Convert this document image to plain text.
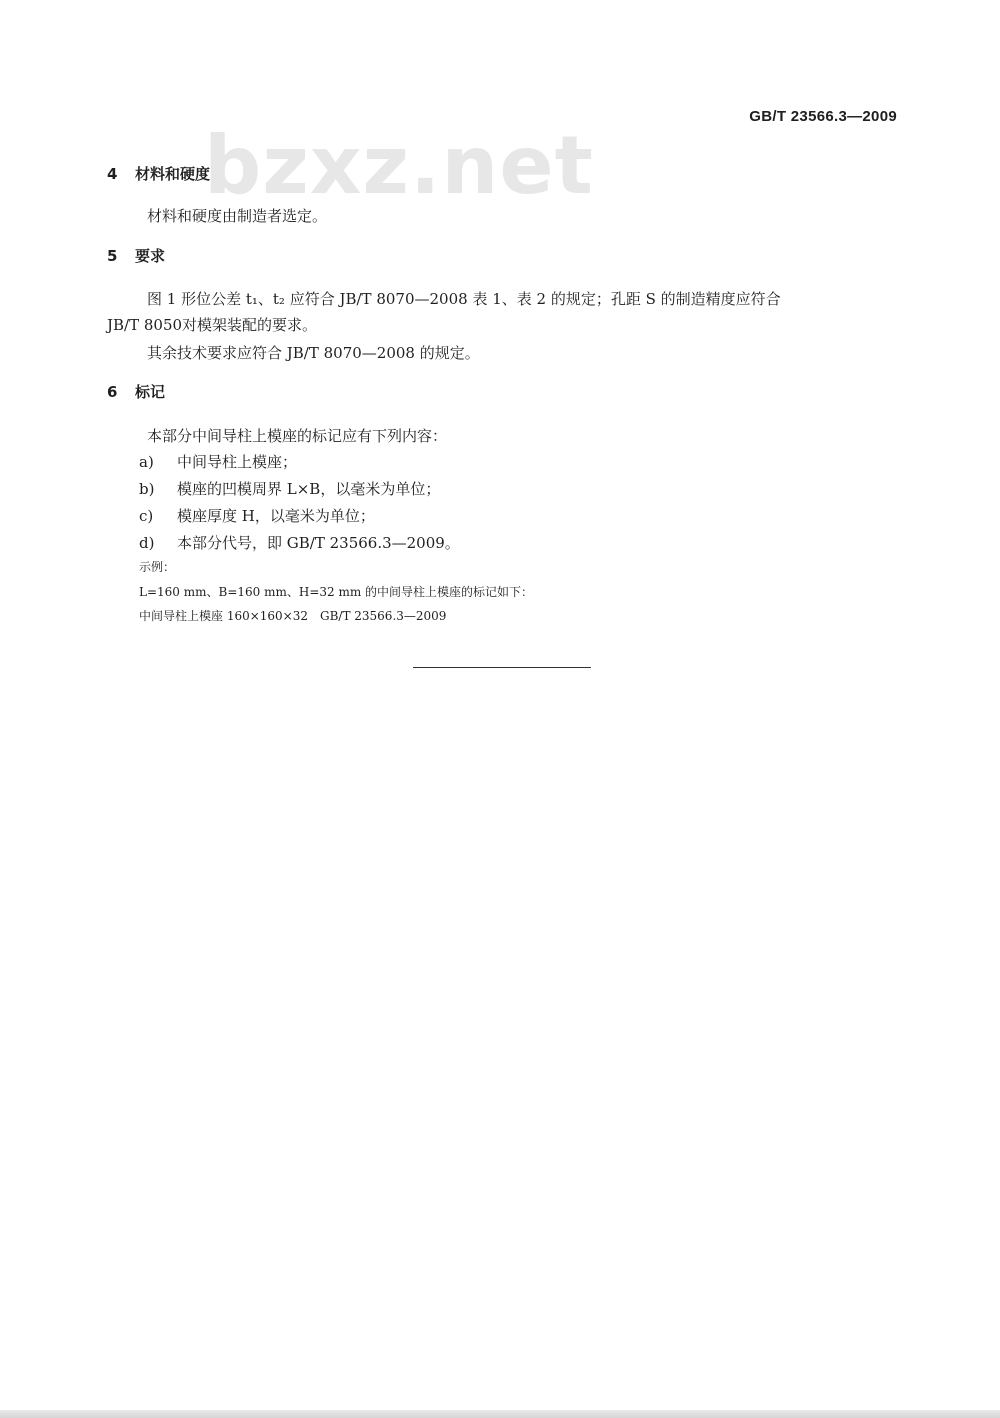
bzxz.net
GB/T 23566.3—2009
4 材料和硬度
材料和硬度由制造者选定。
5 要求
图 1 形位公差 t₁、t₂ 应符合 JB/T 8070—2008 表 1、表 2 的规定；孔距 S 的制造精度应符合
JB/T 8050对模架装配的要求。
其余技术要求应符合 JB/T 8070—2008 的规定。
6 标记
本部分中间导柱上模座的标记应有下列内容：
a) 中间导柱上模座；
b) 模座的凹模周界 L×B，以毫米为单位；
c) 模座厚度 H，以毫米为单位；
d) 本部分代号，即 GB/T 23566.3—2009。
示例：
L=160 mm、B=160 mm、H=32 mm 的中间导柱上模座的标记如下：
中间导柱上模座 160×160×32　GB/T 23566.3—2009
